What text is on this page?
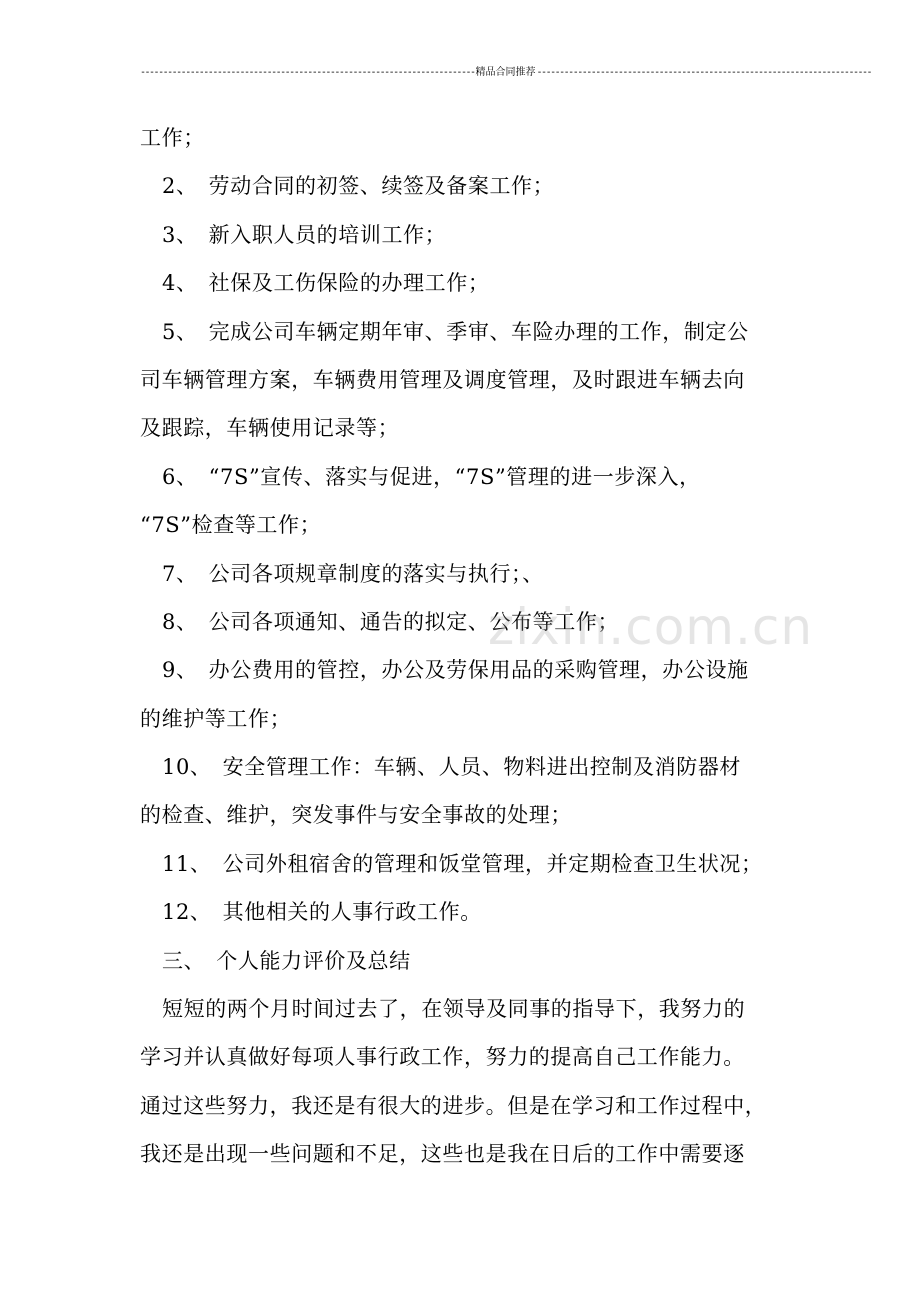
--------------------------------------------------------------------------精品合同推荐--------------------------------------------------------------------------
工作；
2、　劳动合同的初签、续签及备案工作；
3、　新入职人员的培训工作；
4、　社保及工伤保险的办理工作；
5、　完成公司车辆定期年审、季审、车险办理的工作，制定公
司车辆管理方案，车辆费用管理及调度管理，及时跟进车辆去向
及跟踪，车辆使用记录等；
6、　“7S”宣传、落实与促进，“7S”管理的进一步深入，
“7S”检查等工作；
7、　公司各项规章制度的落实与执行；、
8、　公司各项通知、通告的拟定、公布等工作；
9、　办公费用的管控，办公及劳保用品的采购管理，办公设施
的维护等工作；
10、　安全管理工作：车辆、人员、物料进出控制及消防器材
的检查、维护，突发事件与安全事故的处理；
11、　公司外租宿舍的管理和饭堂管理，并定期检查卫生状况；
12、　其他相关的人事行政工作。
三、　个人能力评价及总结
短短的两个月时间过去了，在领导及同事的指导下，我努力的
学习并认真做好每项人事行政工作，努力的提高自己工作能力。
通过这些努力，我还是有很大的进步。但是在学习和工作过程中，
我还是出现一些问题和不足，这些也是我在日后的工作中需要逐
zixin.com.cn
